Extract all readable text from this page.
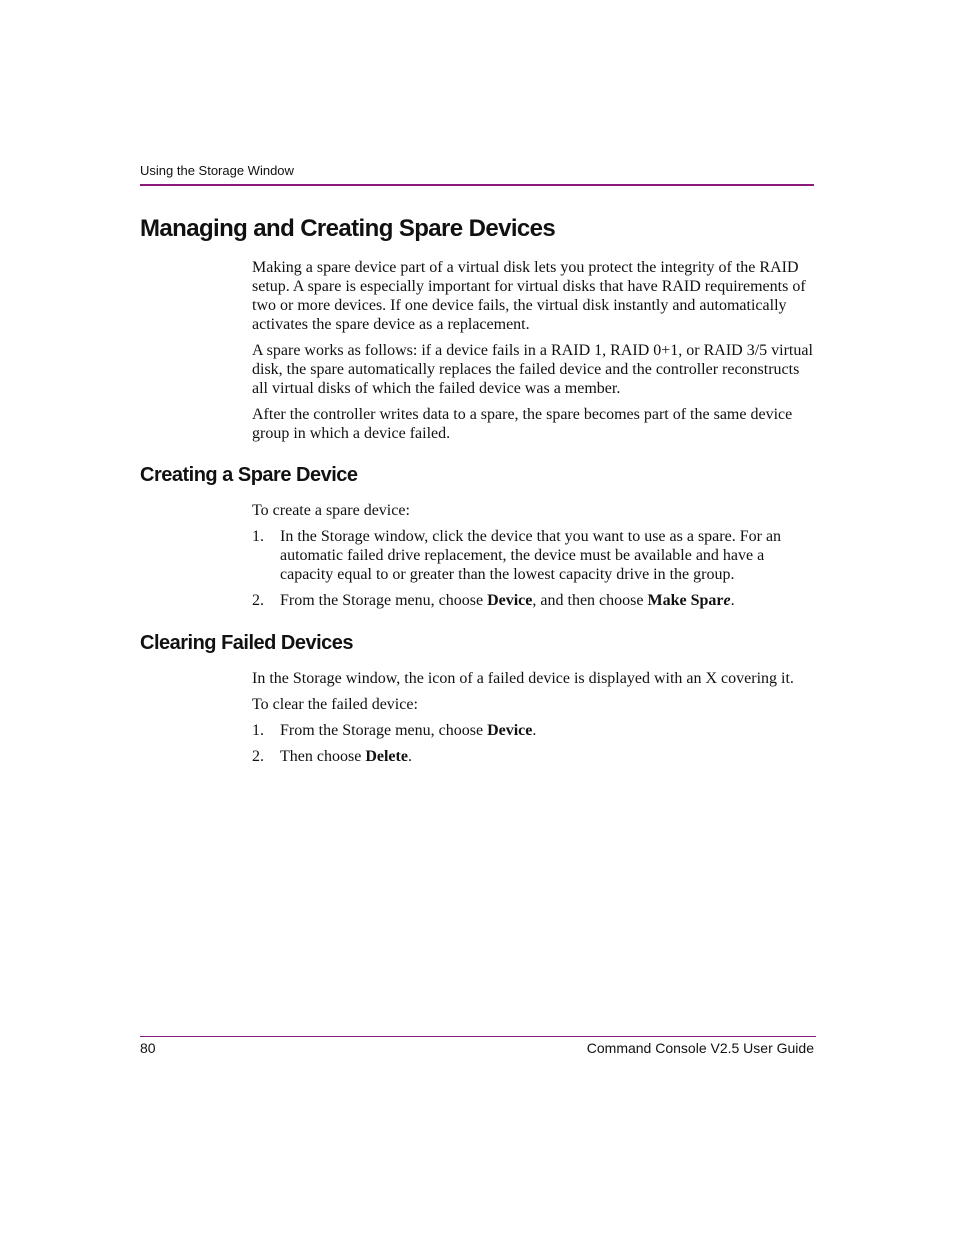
Using the Storage Window
Managing and Creating Spare Devices

Making a spare device part of a virtual disk lets you protect the integrity of the RAID setup. A spare is especially important for virtual disks that have RAID requirements of two or more devices. If one device fails, the virtual disk instantly and automatically activates the spare device as a replacement.

A spare works as follows: if a device fails in a RAID 1, RAID 0+1, or RAID 3/5 virtual disk, the spare automatically replaces the failed device and the controller reconstructs all virtual disks of which the failed device was a member.

After the controller writes data to a spare, the spare becomes part of the same device group in which a device failed.

Creating a Spare Device

To create a spare device:

1. In the Storage window, click the device that you want to use as a spare. For an automatic failed drive replacement, the device must be available and have a capacity equal to or greater than the lowest capacity drive in the group.
2. From the Storage menu, choose Device, and then choose Make Spare.
Clearing Failed Devices

In the Storage window, the icon of a failed device is displayed with an X covering it.

To clear the failed device:

1. From the Storage menu, choose Device.
2. Then choose Delete.
80	Command Console V2.5 User Guide
